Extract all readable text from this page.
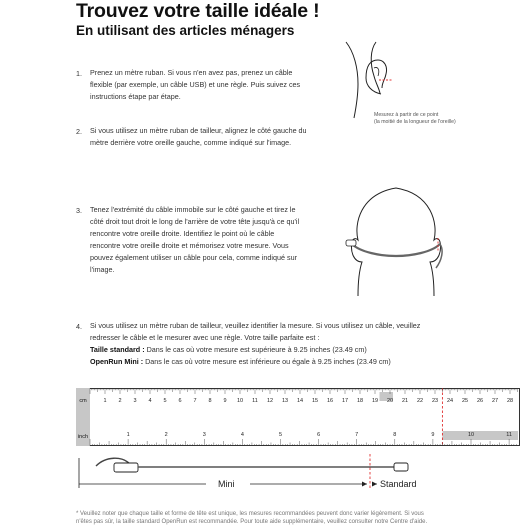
Trouvez votre taille idéale !
En utilisant des articles ménagers
1. Prenez un mètre ruban. Si vous n'en avez pas, prenez un câble
flexible (par exemple, un câble USB) et une règle. Puis suivez ces
instructions étape par étape.
2. Si vous utilisez un mètre ruban de tailleur, alignez le côté gauche du
mètre derrière votre oreille gauche, comme indiqué sur l'image.
3. Tenez l'extrémité du câble immobile sur le côté gauche et tirez le
côté droit tout droit le long de l'arrière de votre tête jusqu'à ce qu'il
rencontre votre oreille droite. Identifiez le point où le câble
rencontre votre oreille droite et mémorisez votre mesure. Vous
pouvez également utiliser un câble pour cela, comme indiqué sur
l'image.
4. Si vous utilisez un mètre ruban de tailleur, veuillez identifier la mesure. Si vous utilisez un câble, veuillez
redresser le câble et le mesurer avec une règle. Votre taille parfaite est :
Taille standard : Dans le cas où votre mesure est supérieure à 9.25 inches (23.49 cm)
OpenRun Mini : Dans le cas où votre mesure est inférieure ou égale à 9.25 inches (23.49 cm)
Mesurez à partir de ce point
(la moitié de la longueur de l'oreille)
cm
inch
1 2 3 4 5 6 7 8 9 10 11 12 13 14 15 16 17 18 19 20 21 22 23 24 25 26 27 28
1	2	3	4	5	6	7	8	9	10	11
Mini	Standard
* Veuillez noter que chaque taille et forme de tête est unique, les mesures recommandées peuvent donc varier légèrement. Si vous
n'êtes pas sûr, la taille standard OpenRun est recommandée. Pour toute aide supplémentaire, veuillez consulter notre Centre d'aide.
